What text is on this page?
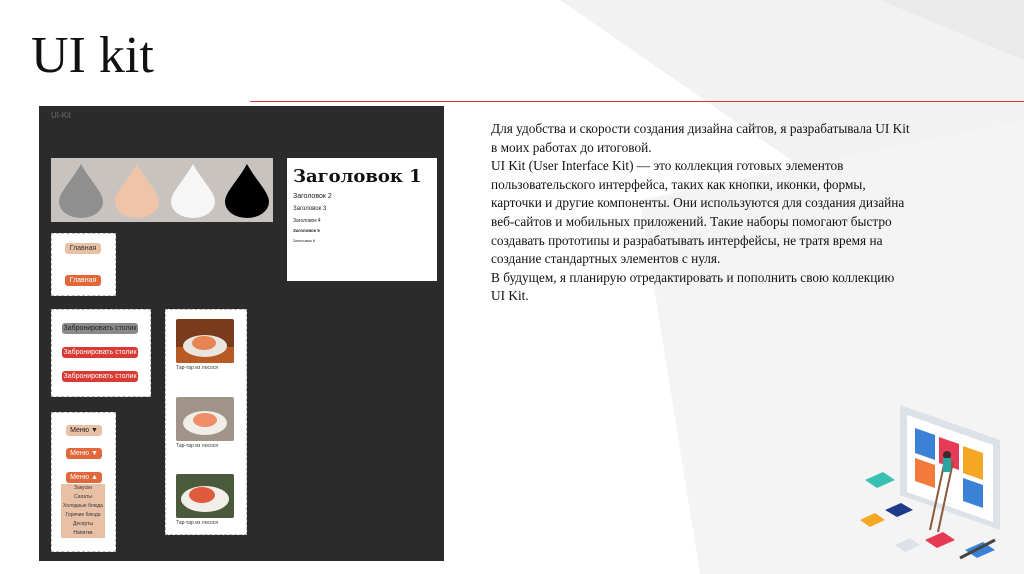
UI kit
UI-Kit
Заголовок 1
Заголовок 2
Заголовок 3
Заголовок 4
Заголовок 5
Заголовок 6
Главная
Главная
Забронировать столик
Забронировать столик
Забронировать столик
Меню ▼
Меню ▼
Меню ▲
Закуски
Салаты
Холодные блюда
Горячие блюда
Десерты
Напитки
Тар-тар из лосося
Тар-тар из лосося
Тар-тар из лосося

Для удобства и скорости создания дизайна сайтов, я разрабатывала UI Kit в моих работах до итоговой.

UI Kit (User Interface Kit) — это коллекция готовых элементов пользовательского интерфейса, таких как кнопки, иконки, формы, карточки и другие компоненты. Они используются для создания дизайна веб-сайтов и мобильных приложений. Такие наборы помогают быстро создавать прототипы и разрабатывать интерфейсы, не тратя время на создание стандартных элементов с нуля.

В будущем, я планирую отредактировать и пополнить свою коллекцию UI Kit.
